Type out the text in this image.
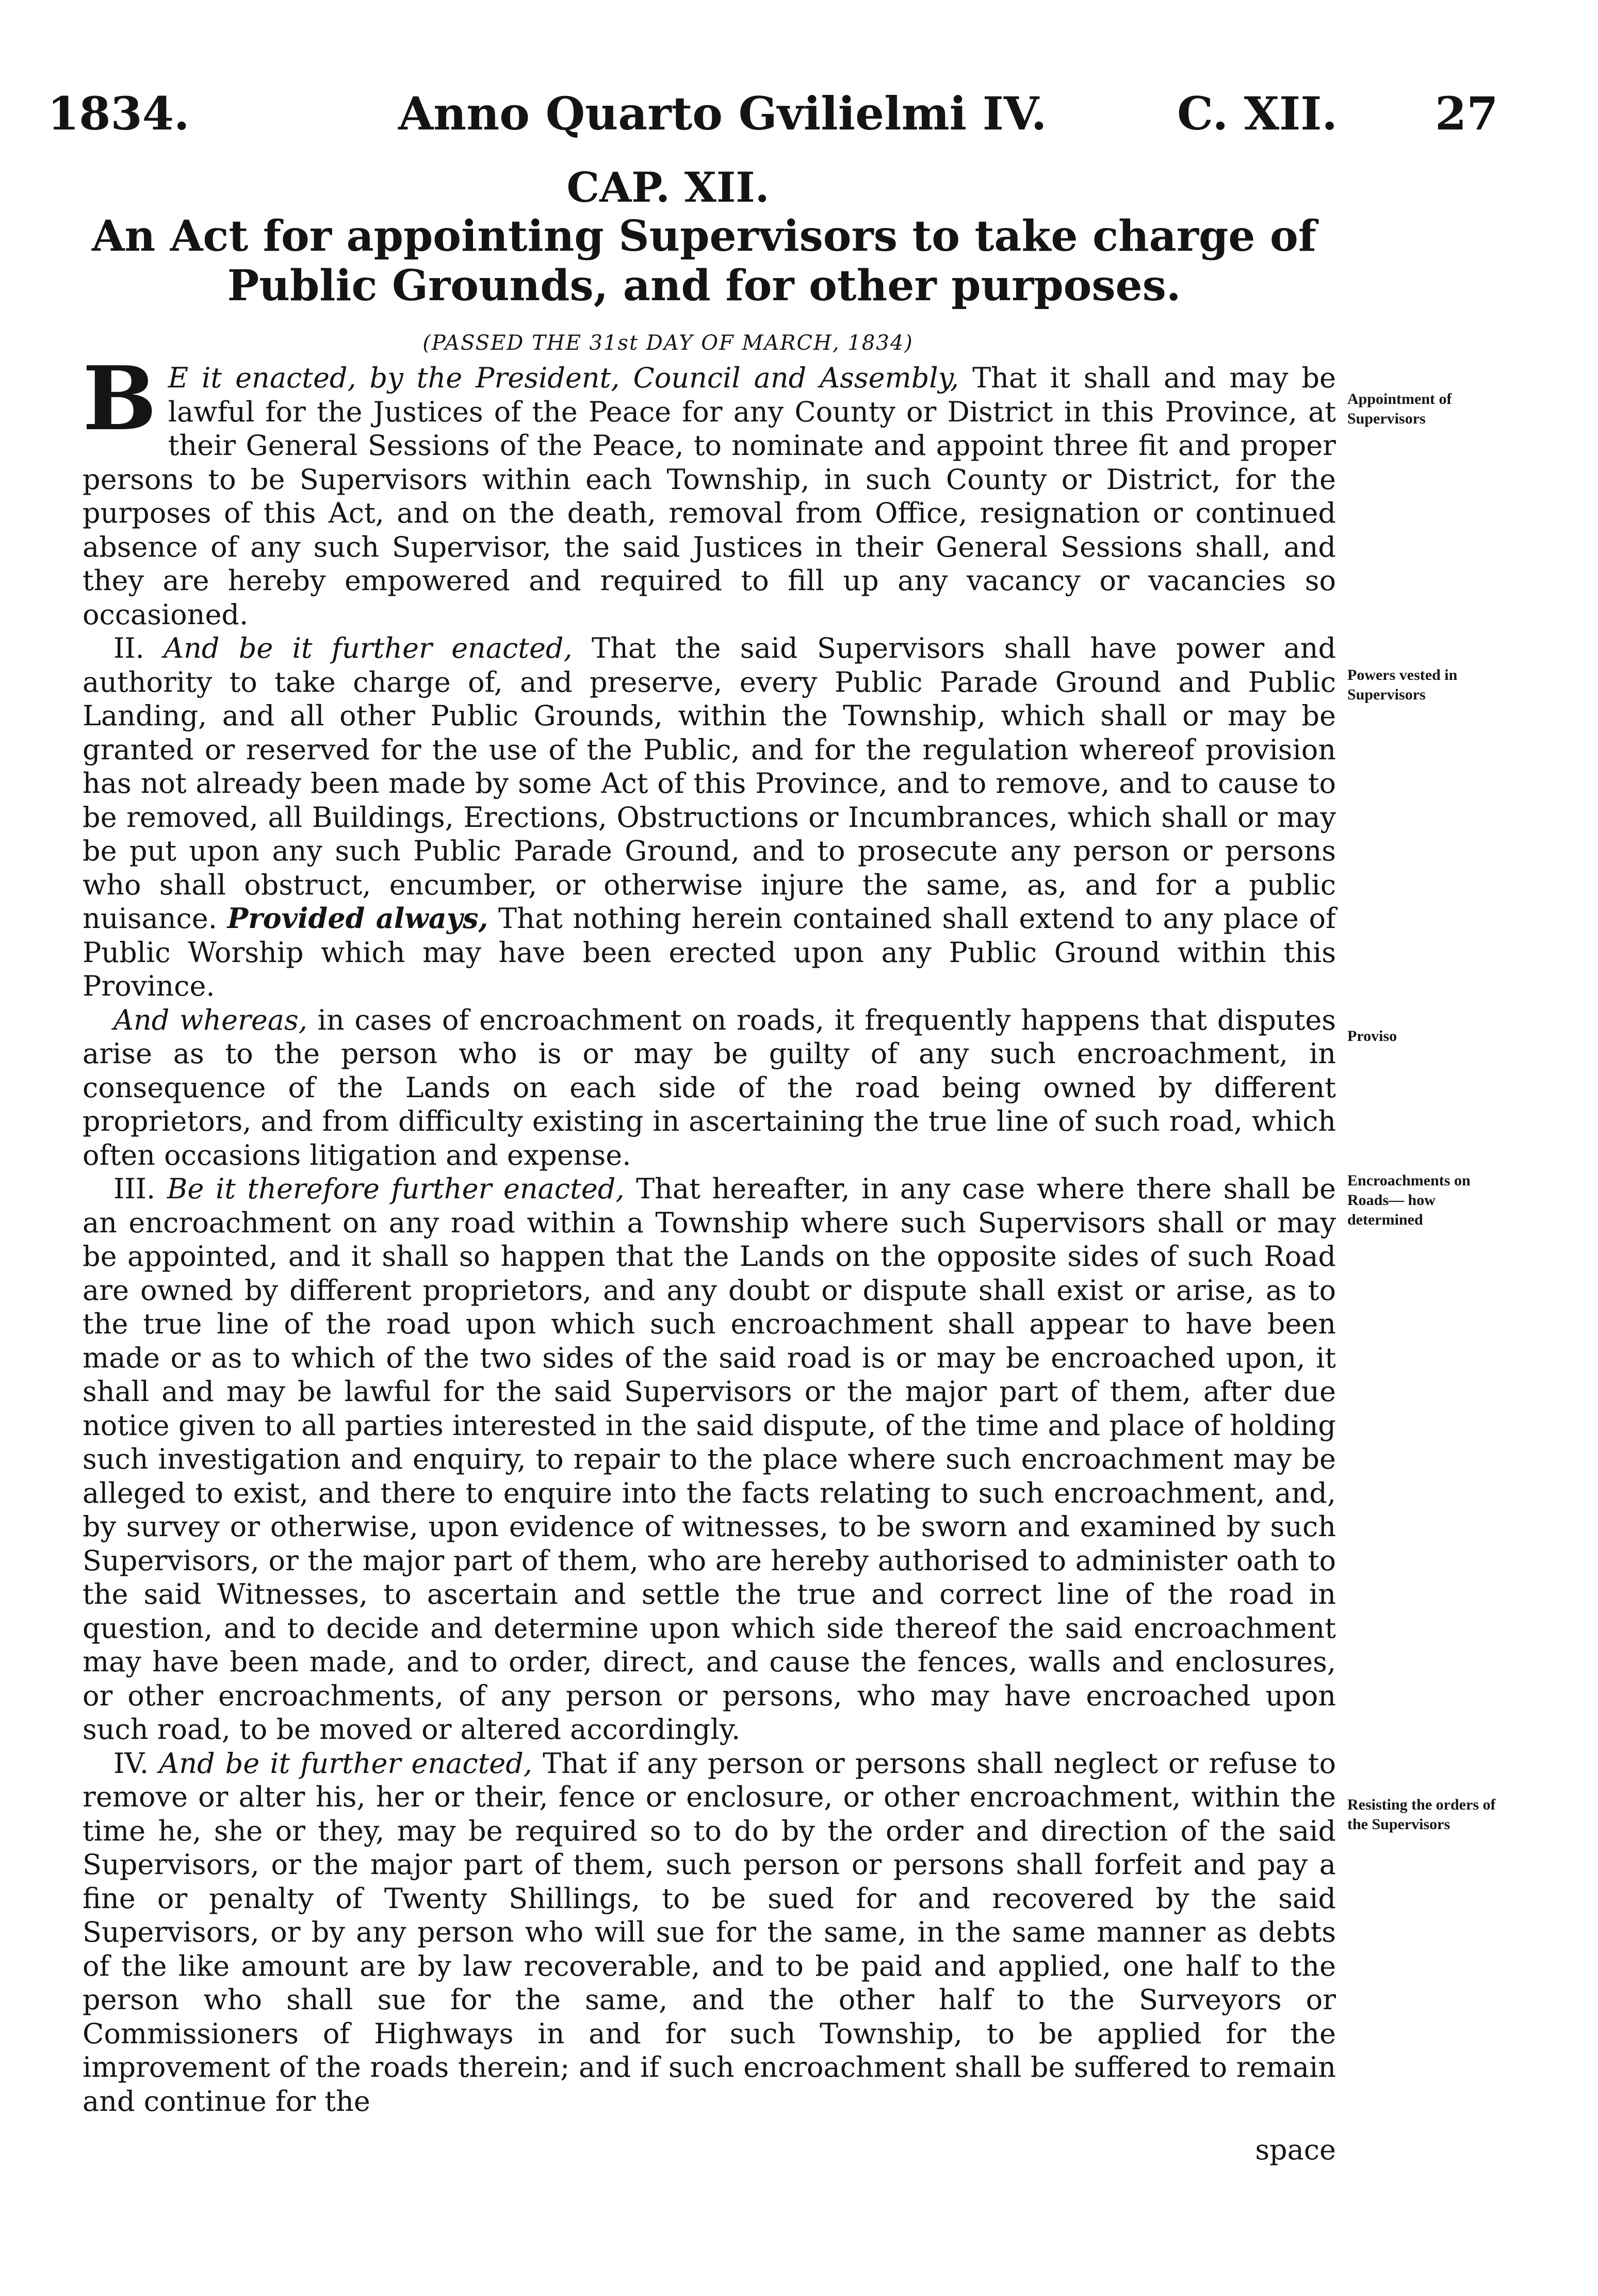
1834.	Anno Quarto Gvilielmi IV.	C. XII. 27
CAP. XII.
An Act for appointing Supervisors to take charge of Public Grounds, and for other purposes.
(PASSED THE 31st DAY OF MARCH, 1834)

B E it enacted, by the President, Council and Assembly, That it shall and may be lawful for the Justices of the Peace for any County or District in this Province, at their General Sessions of the Peace, to nominate and appoint three fit and proper persons to be Supervisors within each Township, in such County or District, for the purposes of this Act, and on the death, removal from Office, resignation or continued absence of any such Supervisor, the said Justices in their General Sessions shall, and they are hereby empowered and required to fill up any vacancy or vacancies so occasioned.

II. And be it further enacted, That the said Supervisors shall have power and authority to take charge of, and preserve, every Public Parade Ground and Public Landing, and all other Public Grounds, within the Township, which shall or may be granted or reserved for the use of the Public, and for the regulation whereof provision has not already been made by some Act of this Province, and to remove, and to cause to be removed, all Buildings, Erections, Obstructions or Incumbrances, which shall or may be put upon any such Public Parade Ground, and to prosecute any person or persons who shall obstruct, encumber, or otherwise injure the same, as, and for a public nuisance. Provided always, That nothing herein contained shall extend to any place of Public Worship which may have been erected upon any Public Ground within this Province.

And whereas, in cases of encroachment on roads, it frequently happens that disputes arise as to the person who is or may be guilty of any such encroachment, in consequence of the Lands on each side of the road being owned by different proprietors, and from difficulty existing in ascertaining the true line of such road, which often occasions litigation and expense.

III. Be it therefore further enacted, That hereafter, in any case where there shall be an encroachment on any road within a Township where such Supervisors shall or may be appointed, and it shall so happen that the Lands on the opposite sides of such Road are owned by different proprietors, and any doubt or dispute shall exist or arise, as to the true line of the road upon which such encroachment shall appear to have been made or as to which of the two sides of the said road is or may be encroached upon, it shall and may be lawful for the said Supervisors or the major part of them, after due notice given to all parties interested in the said dispute, of the time and place of holding such investigation and enquiry, to repair to the place where such encroachment may be alleged to exist, and there to enquire into the facts relating to such encroachment, and, by survey or otherwise, upon evidence of witnesses, to be sworn and examined by such Supervisors, or the major part of them, who are hereby authorised to administer oath to the said Witnesses, to ascertain and settle the true and correct line of the road in question, and to decide and determine upon which side thereof the said encroachment may have been made, and to order, direct, and cause the fences, walls and enclosures, or other encroachments, of any person or persons, who may have encroached upon such road, to be moved or altered accordingly.

IV. And be it further enacted, That if any person or persons shall neglect or refuse to remove or alter his, her or their, fence or enclosure, or other encroachment, within the time he, she or they, may be required so to do by the order and direction of the said Supervisors, or the major part of them, such person or persons shall forfeit and pay a fine or penalty of Twenty Shillings, to be sued for and recovered by the said Supervisors, or by any person who will sue for the same, in the same manner as debts of the like amount are by law recoverable, and to be paid and applied, one half to the person who shall sue for the same, and the other half to the Surveyors or Commissioners of Highways in and for such Township, to be applied for the improvement of the roads therein; and if such encroachment shall be suffered to remain and continue for the

space
Appointment of Supervisors
Powers vested in Supervisors
Proviso
Encroachments on Roads— how determined
Resisting the orders of the Supervisors
